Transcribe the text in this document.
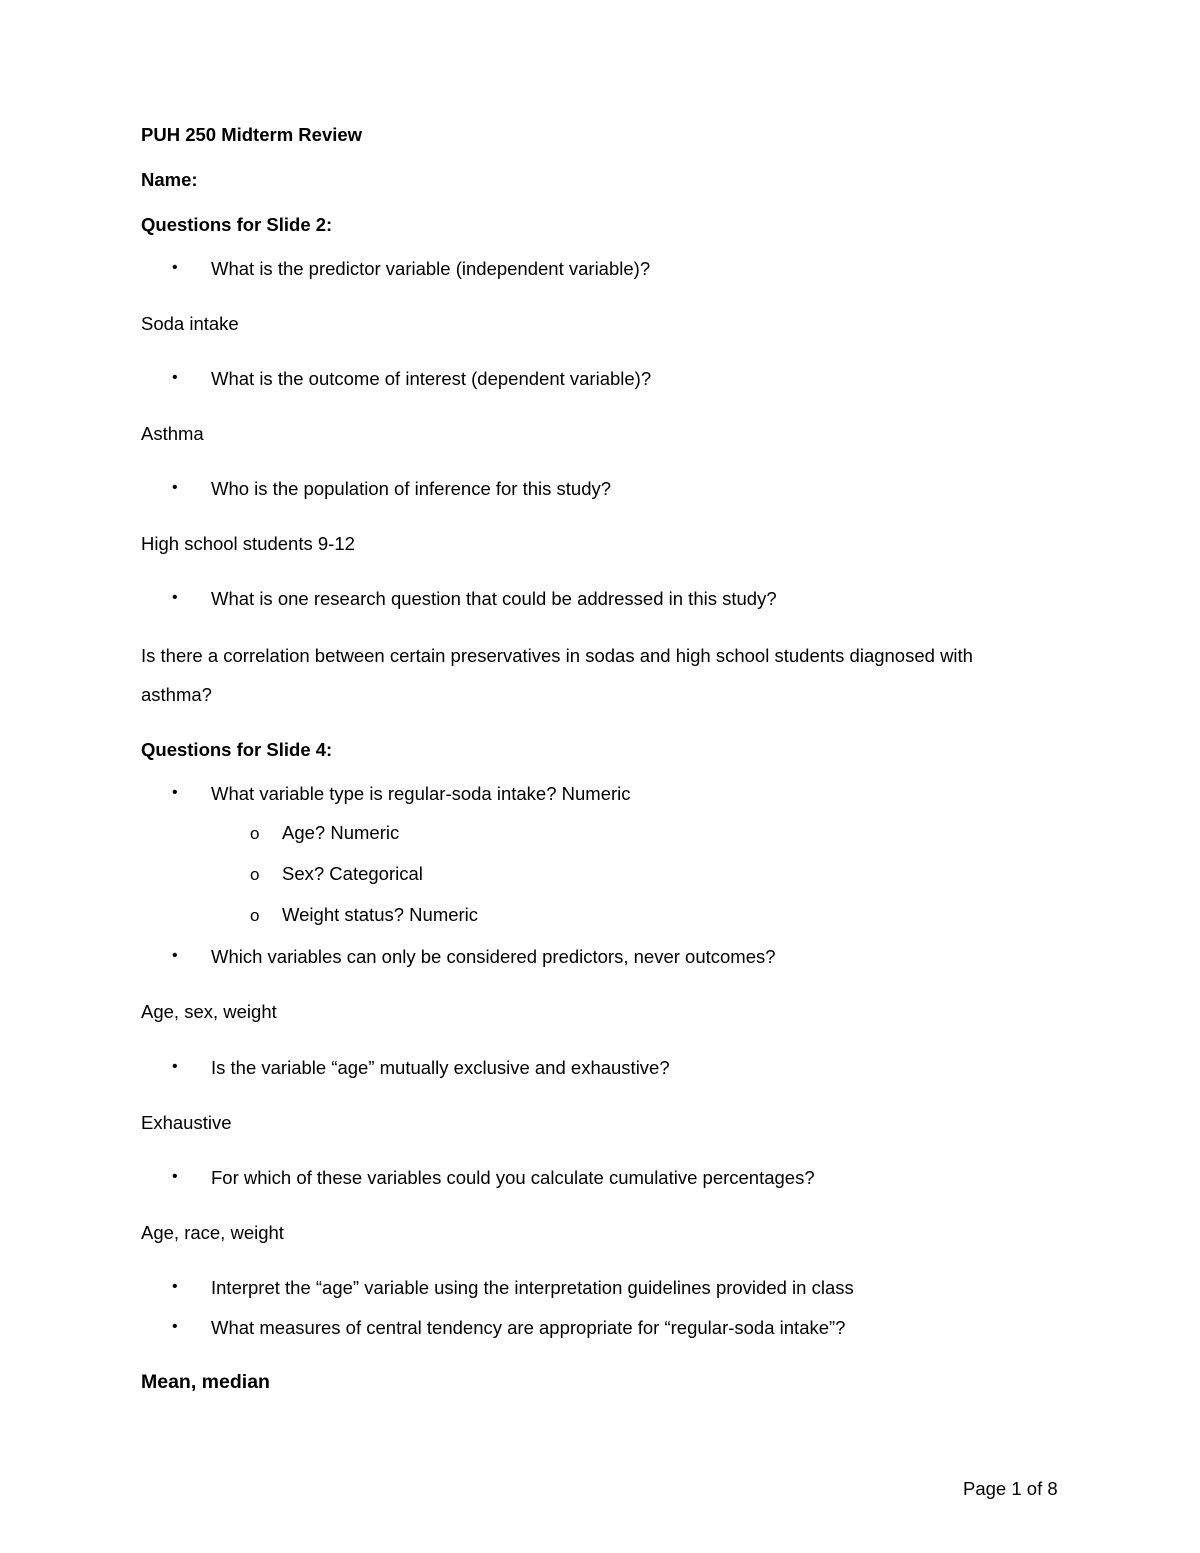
PUH 250 Midterm Review

Name:

Questions for Slide 2:

• What is the predictor variable (independent variable)?

Soda intake

• What is the outcome of interest (dependent variable)?

Asthma

• Who is the population of inference for this study?

High school students 9-12

• What is one research question that could be addressed in this study?

Is there a correlation between certain preservatives in sodas and high school students diagnosed with

asthma?

Questions for Slide 4:

• What variable type is regular-soda intake? Numeric

o Age? Numeric

o Sex? Categorical

o Weight status? Numeric

• Which variables can only be considered predictors, never outcomes?

Age, sex, weight

• Is the variable “age” mutually exclusive and exhaustive?

Exhaustive

• For which of these variables could you calculate cumulative percentages?

Age, race, weight

• Interpret the “age” variable using the interpretation guidelines provided in class

• What measures of central tendency are appropriate for “regular-soda intake”?

Mean, median

Page 1 of 8
